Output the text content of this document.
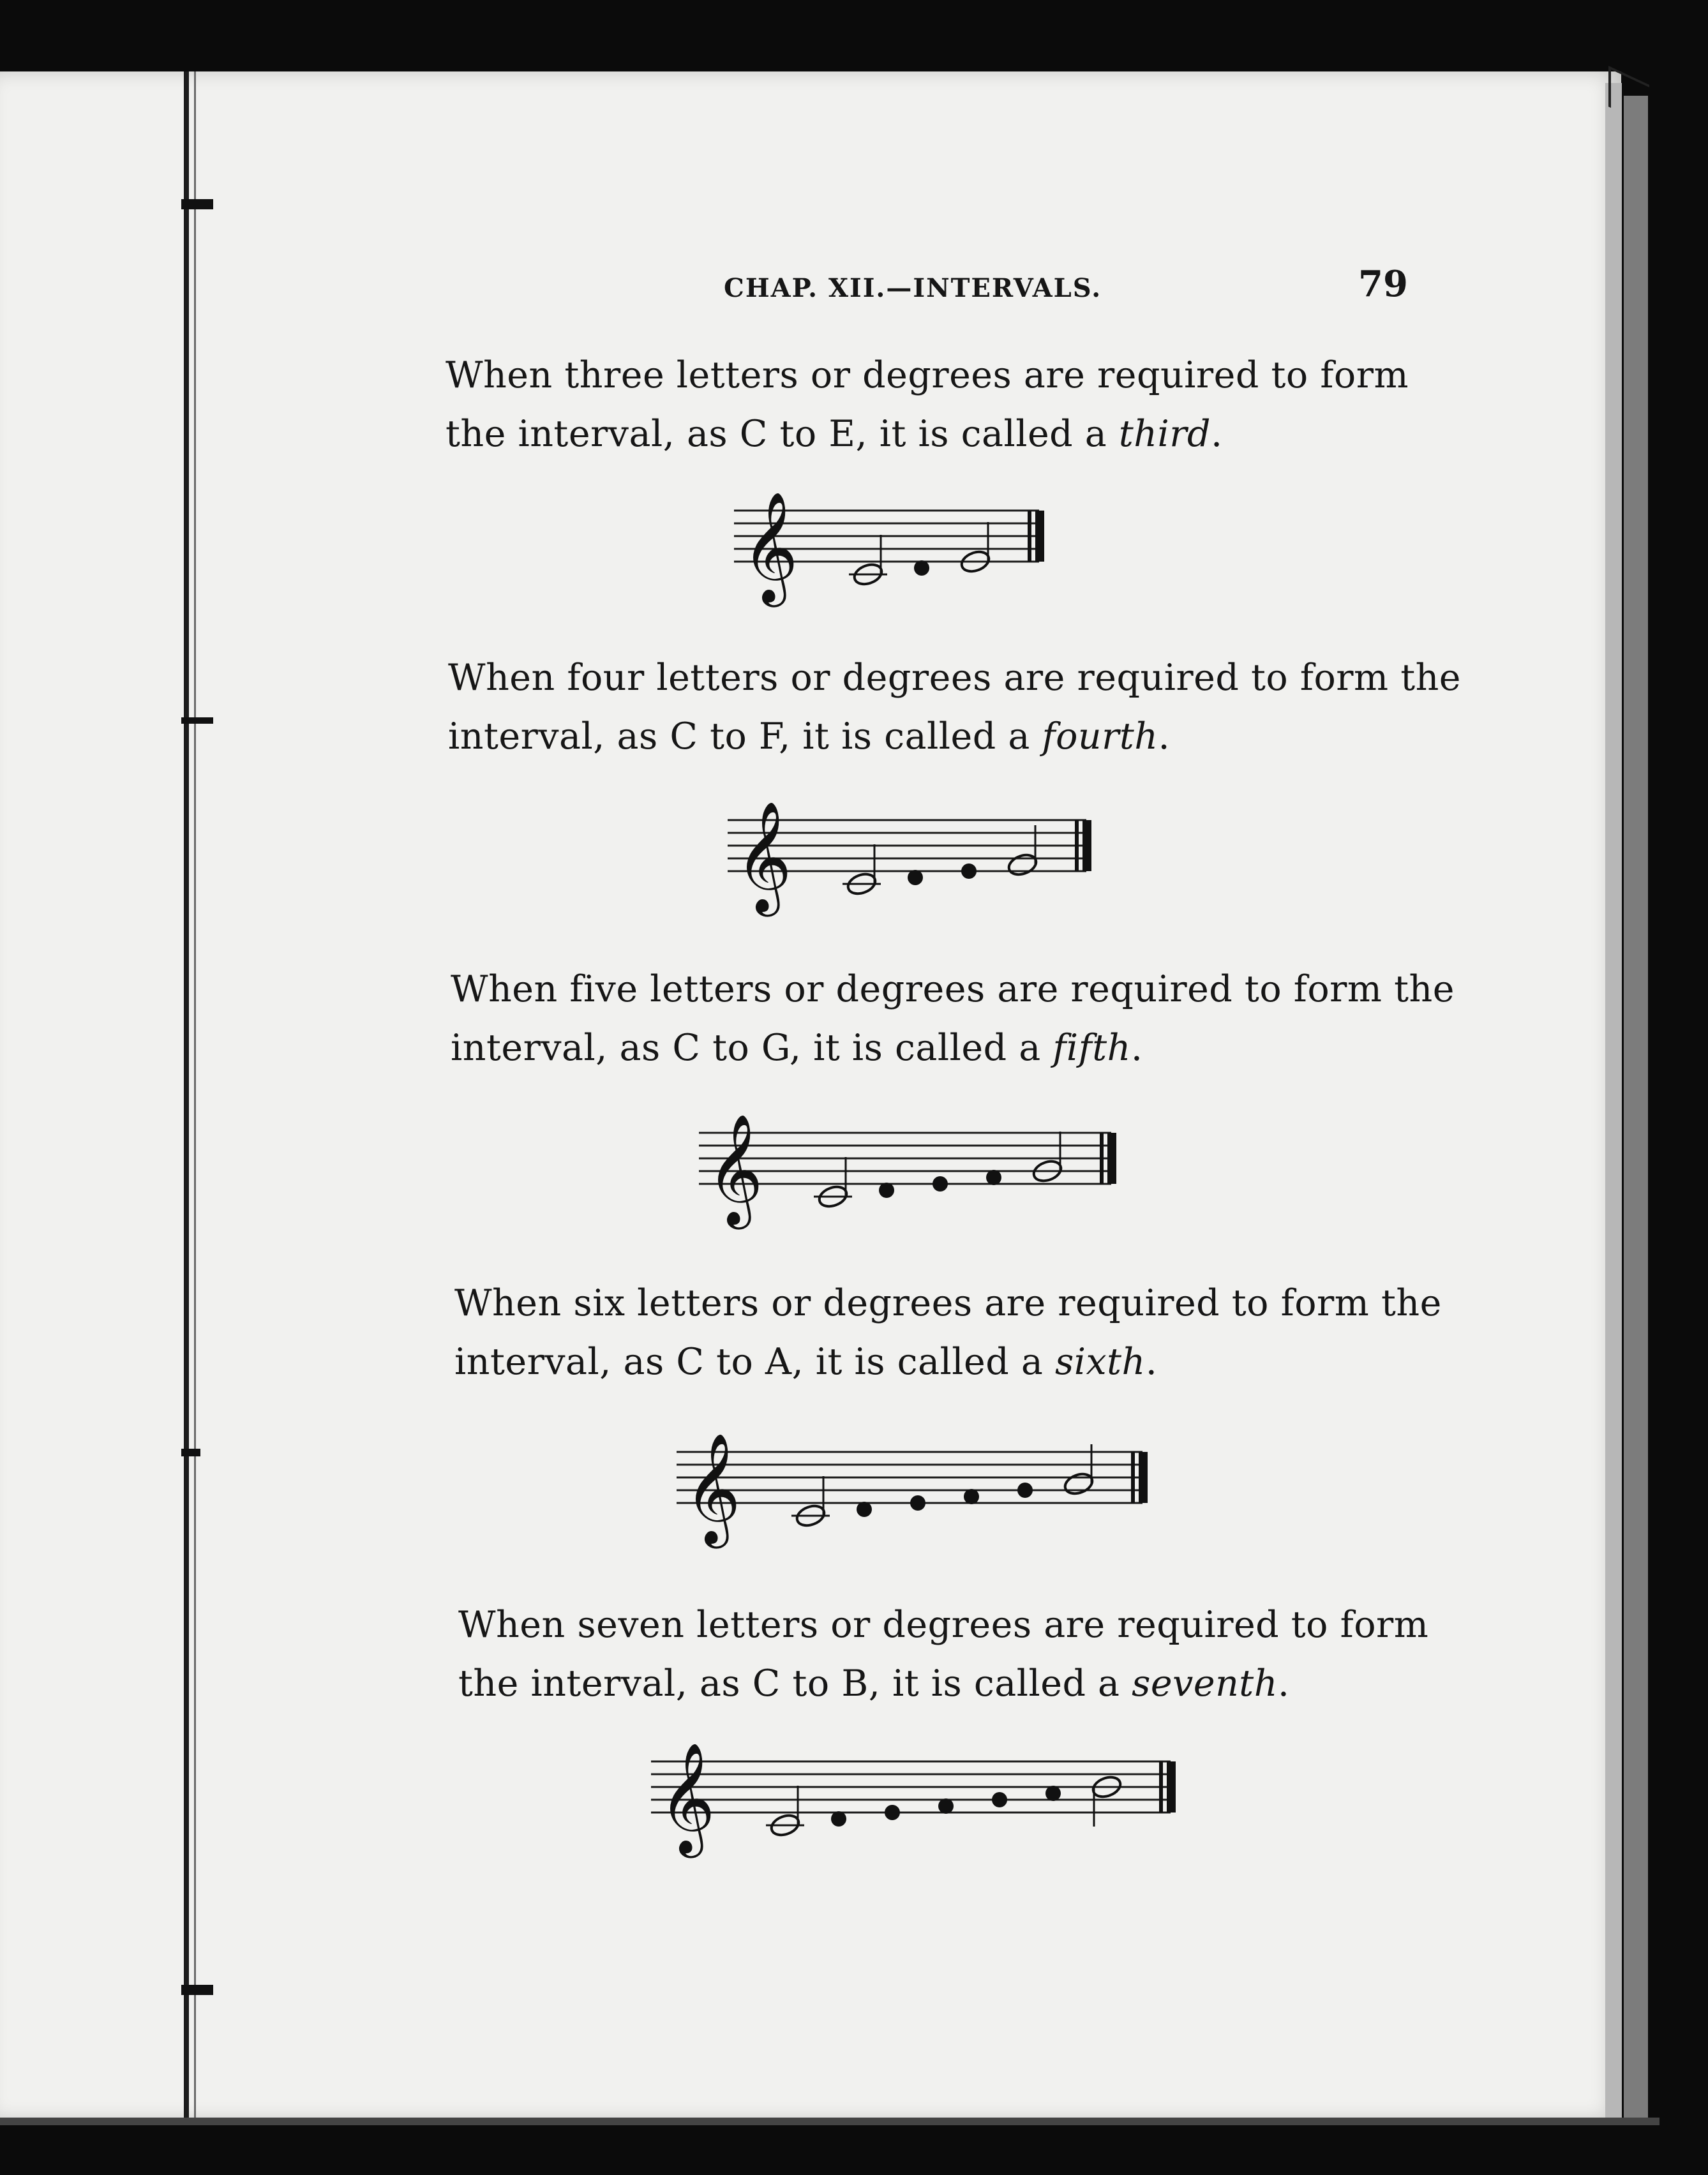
CHAP. XII.—INTERVALS.	79
When three letters or degrees are required to form
the interval, as C to E, it is called a third.
When four letters or degrees are required to form the
interval, as C to F, it is called a fourth.
When five letters or degrees are required to form the
interval, as C to G, it is called a fifth.
When six letters or degrees are required to form the
interval, as C to A, it is called a sixth.
When seven letters or degrees are required to form
the interval, as C to B, it is called a seventh.
𝄞
𝄞
𝄞
𝄞
𝄞
